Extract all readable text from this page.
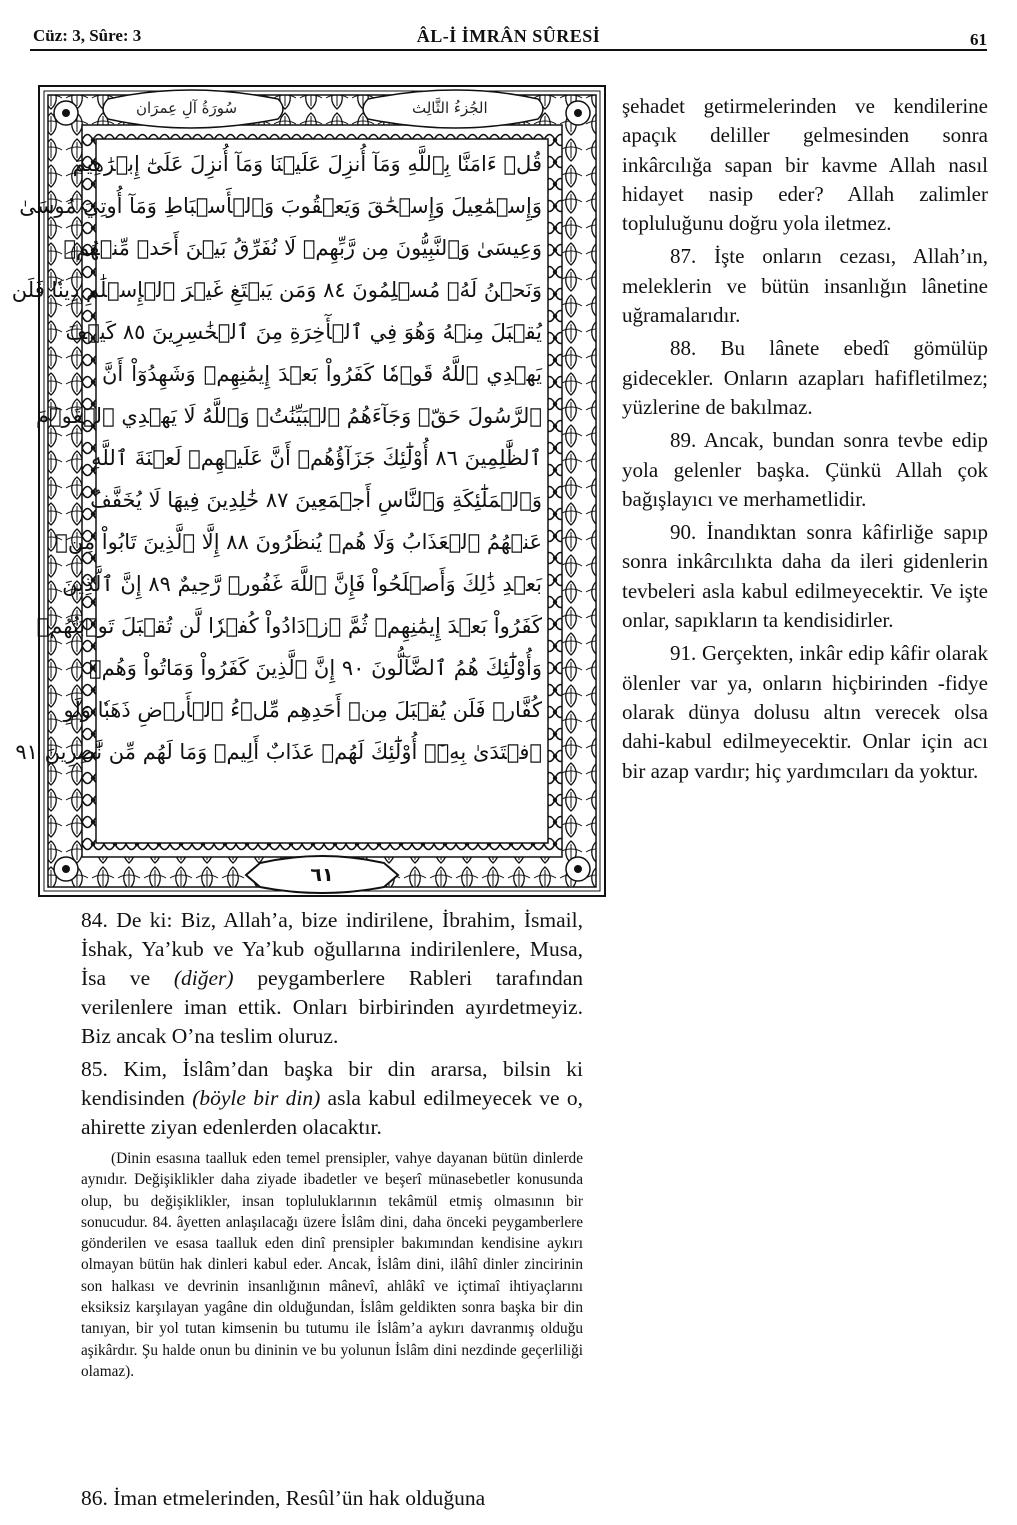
Cüz: 3, Sûre: 3	ÂL-İ İMRÂN SÛRESİ	61
سُورَةُ آلِ عِمرَان	الجُزءُ الثَّالِث
قُلۡ ءَامَنَّا بِٱللَّهِ وَمَآ أُنزِلَ عَلَيۡنَا وَمَآ أُنزِلَ عَلَىٰٓ إِبۡرَٰهِيمَ
وَإِسۡمَٰعِيلَ وَإِسۡحَٰقَ وَيَعۡقُوبَ وَٱلۡأَسۡبَاطِ وَمَآ أُوتِيَ مُوسَىٰ
وَعِيسَىٰ وَٱلنَّبِيُّونَ مِن رَّبِّهِمۡ لَا نُفَرِّقُ بَيۡنَ أَحَدٖ مِّنۡهُمۡ
وَنَحۡنُ لَهُۥ مُسۡلِمُونَ ٨٤ وَمَن يَبۡتَغِ غَيۡرَ ٱلۡإِسۡلَٰمِ دِينٗا فَلَن
يُقۡبَلَ مِنۡهُ وَهُوَ فِي ٱلۡأٓخِرَةِ مِنَ ٱلۡخَٰسِرِينَ ٨٥ كَيۡفَ
يَهۡدِي ٱللَّهُ قَوۡمٗا كَفَرُواْ بَعۡدَ إِيمَٰنِهِمۡ وَشَهِدُوٓاْ أَنَّ
ٱلرَّسُولَ حَقّٞ وَجَآءَهُمُ ٱلۡبَيِّنَٰتُۚ وَٱللَّهُ لَا يَهۡدِي ٱلۡقَوۡمَ
ٱلظَّٰلِمِينَ ٨٦ أُوْلَٰٓئِكَ جَزَآؤُهُمۡ أَنَّ عَلَيۡهِمۡ لَعۡنَةَ ٱللَّهِ
وَٱلۡمَلَٰٓئِكَةِ وَٱلنَّاسِ أَجۡمَعِينَ ٨٧ خَٰلِدِينَ فِيهَا لَا يُخَفَّفُ
عَنۡهُمُ ٱلۡعَذَابُ وَلَا هُمۡ يُنظَرُونَ ٨٨ إِلَّا ٱلَّذِينَ تَابُواْ مِنۢ
بَعۡدِ ذَٰلِكَ وَأَصۡلَحُواْ فَإِنَّ ٱللَّهَ غَفُورٞ رَّحِيمٌ ٨٩ إِنَّ ٱلَّذِينَ
كَفَرُواْ بَعۡدَ إِيمَٰنِهِمۡ ثُمَّ ٱزۡدَادُواْ كُفۡرٗا لَّن تُقۡبَلَ تَوۡبَتُهُمۡ
وَأُوْلَٰٓئِكَ هُمُ ٱلضَّآلُّونَ ٩٠ إِنَّ ٱلَّذِينَ كَفَرُواْ وَمَاتُواْ وَهُمۡ
كُفَّارٞ فَلَن يُقۡبَلَ مِنۡ أَحَدِهِم مِّلۡءُ ٱلۡأَرۡضِ ذَهَبٗا وَلَوِ
ٱفۡتَدَىٰ بِهِۦٓۗ أُوْلَٰٓئِكَ لَهُمۡ عَذَابٌ أَلِيمٞ وَمَا لَهُم مِّن نَّٰصِرِينَ ٩١
٦١

84. De ki: Biz, Allah’a, bize indirilene, İbrahim, İsmail, İshak, Ya’kub ve Ya’kub oğullarına indirilenlere, Musa, İsa ve (diğer) peygamberlere Rableri tarafından verilenlere iman ettik. Onları birbirinden ayırdetmeyiz. Biz ancak O’na teslim oluruz.

85. Kim, İslâm’dan başka bir din ararsa, bilsin ki kendisinden (böyle bir din) asla kabul edilmeyecek ve o, ahirette ziyan edenlerden olacaktır.

(Dinin esasına taalluk eden temel prensipler, vahye dayanan bütün dinlerde aynıdır. Değişiklikler daha ziyade ibadetler ve beşerî münasebetler konusunda olup, bu değişiklikler, insan topluluklarının tekâmül etmiş olmasının bir sonucudur. 84. âyetten anlaşılacağı üzere İslâm dini, daha önceki peygamberlere gönderilen ve esasa taalluk eden dinî prensipler bakımından kendisine aykırı olmayan bütün hak dinleri kabul eder. Ancak, İslâm dini, ilâhî dinler zincirinin son halkası ve devrinin insanlığının mânevî, ahlâkî ve içtimaî ihtiyaçlarını eksiksiz karşılayan yagâne din olduğundan, İslâm geldikten sonra başka bir din tanıyan, bir yol tutan kimsenin bu tutumu ile İslâm’a aykırı davranmış olduğu aşikârdır. Şu halde onun bu dininin ve bu yolunun İslâm dini nezdinde geçerliliği olamaz).

86. İman etmelerinden, Resûl’ün hak olduğuna

şehadet getirmelerinden ve kendilerine apaçık deliller gelmesinden sonra inkârcılığa sapan bir kavme Allah nasıl hidayet nasip eder? Allah zalimler topluluğunu doğru yola iletmez.

87. İşte onların cezası, Allah’ın, meleklerin ve bütün insanlığın lânetine uğramalarıdır.

88. Bu lânete ebedî gömülüp gidecekler. Onların azapları hafifletilmez; yüzlerine de bakılmaz.

89. Ancak, bundan sonra tevbe edip yola gelenler başka. Çünkü Allah çok bağışlayıcı ve merhametlidir.

90. İnandıktan sonra kâfirliğe sapıp sonra inkârcılıkta daha da ileri gidenlerin tevbeleri asla kabul edilmeyecektir. Ve işte onlar, sapıkların ta kendisidirler.

91. Gerçekten, inkâr edip kâfir olarak ölenler var ya, onların hiçbirinden -fidye olarak dünya dolusu altın verecek olsa dahi-kabul edilmeyecektir. Onlar için acı bir azap vardır; hiç yardımcıları da yoktur.
